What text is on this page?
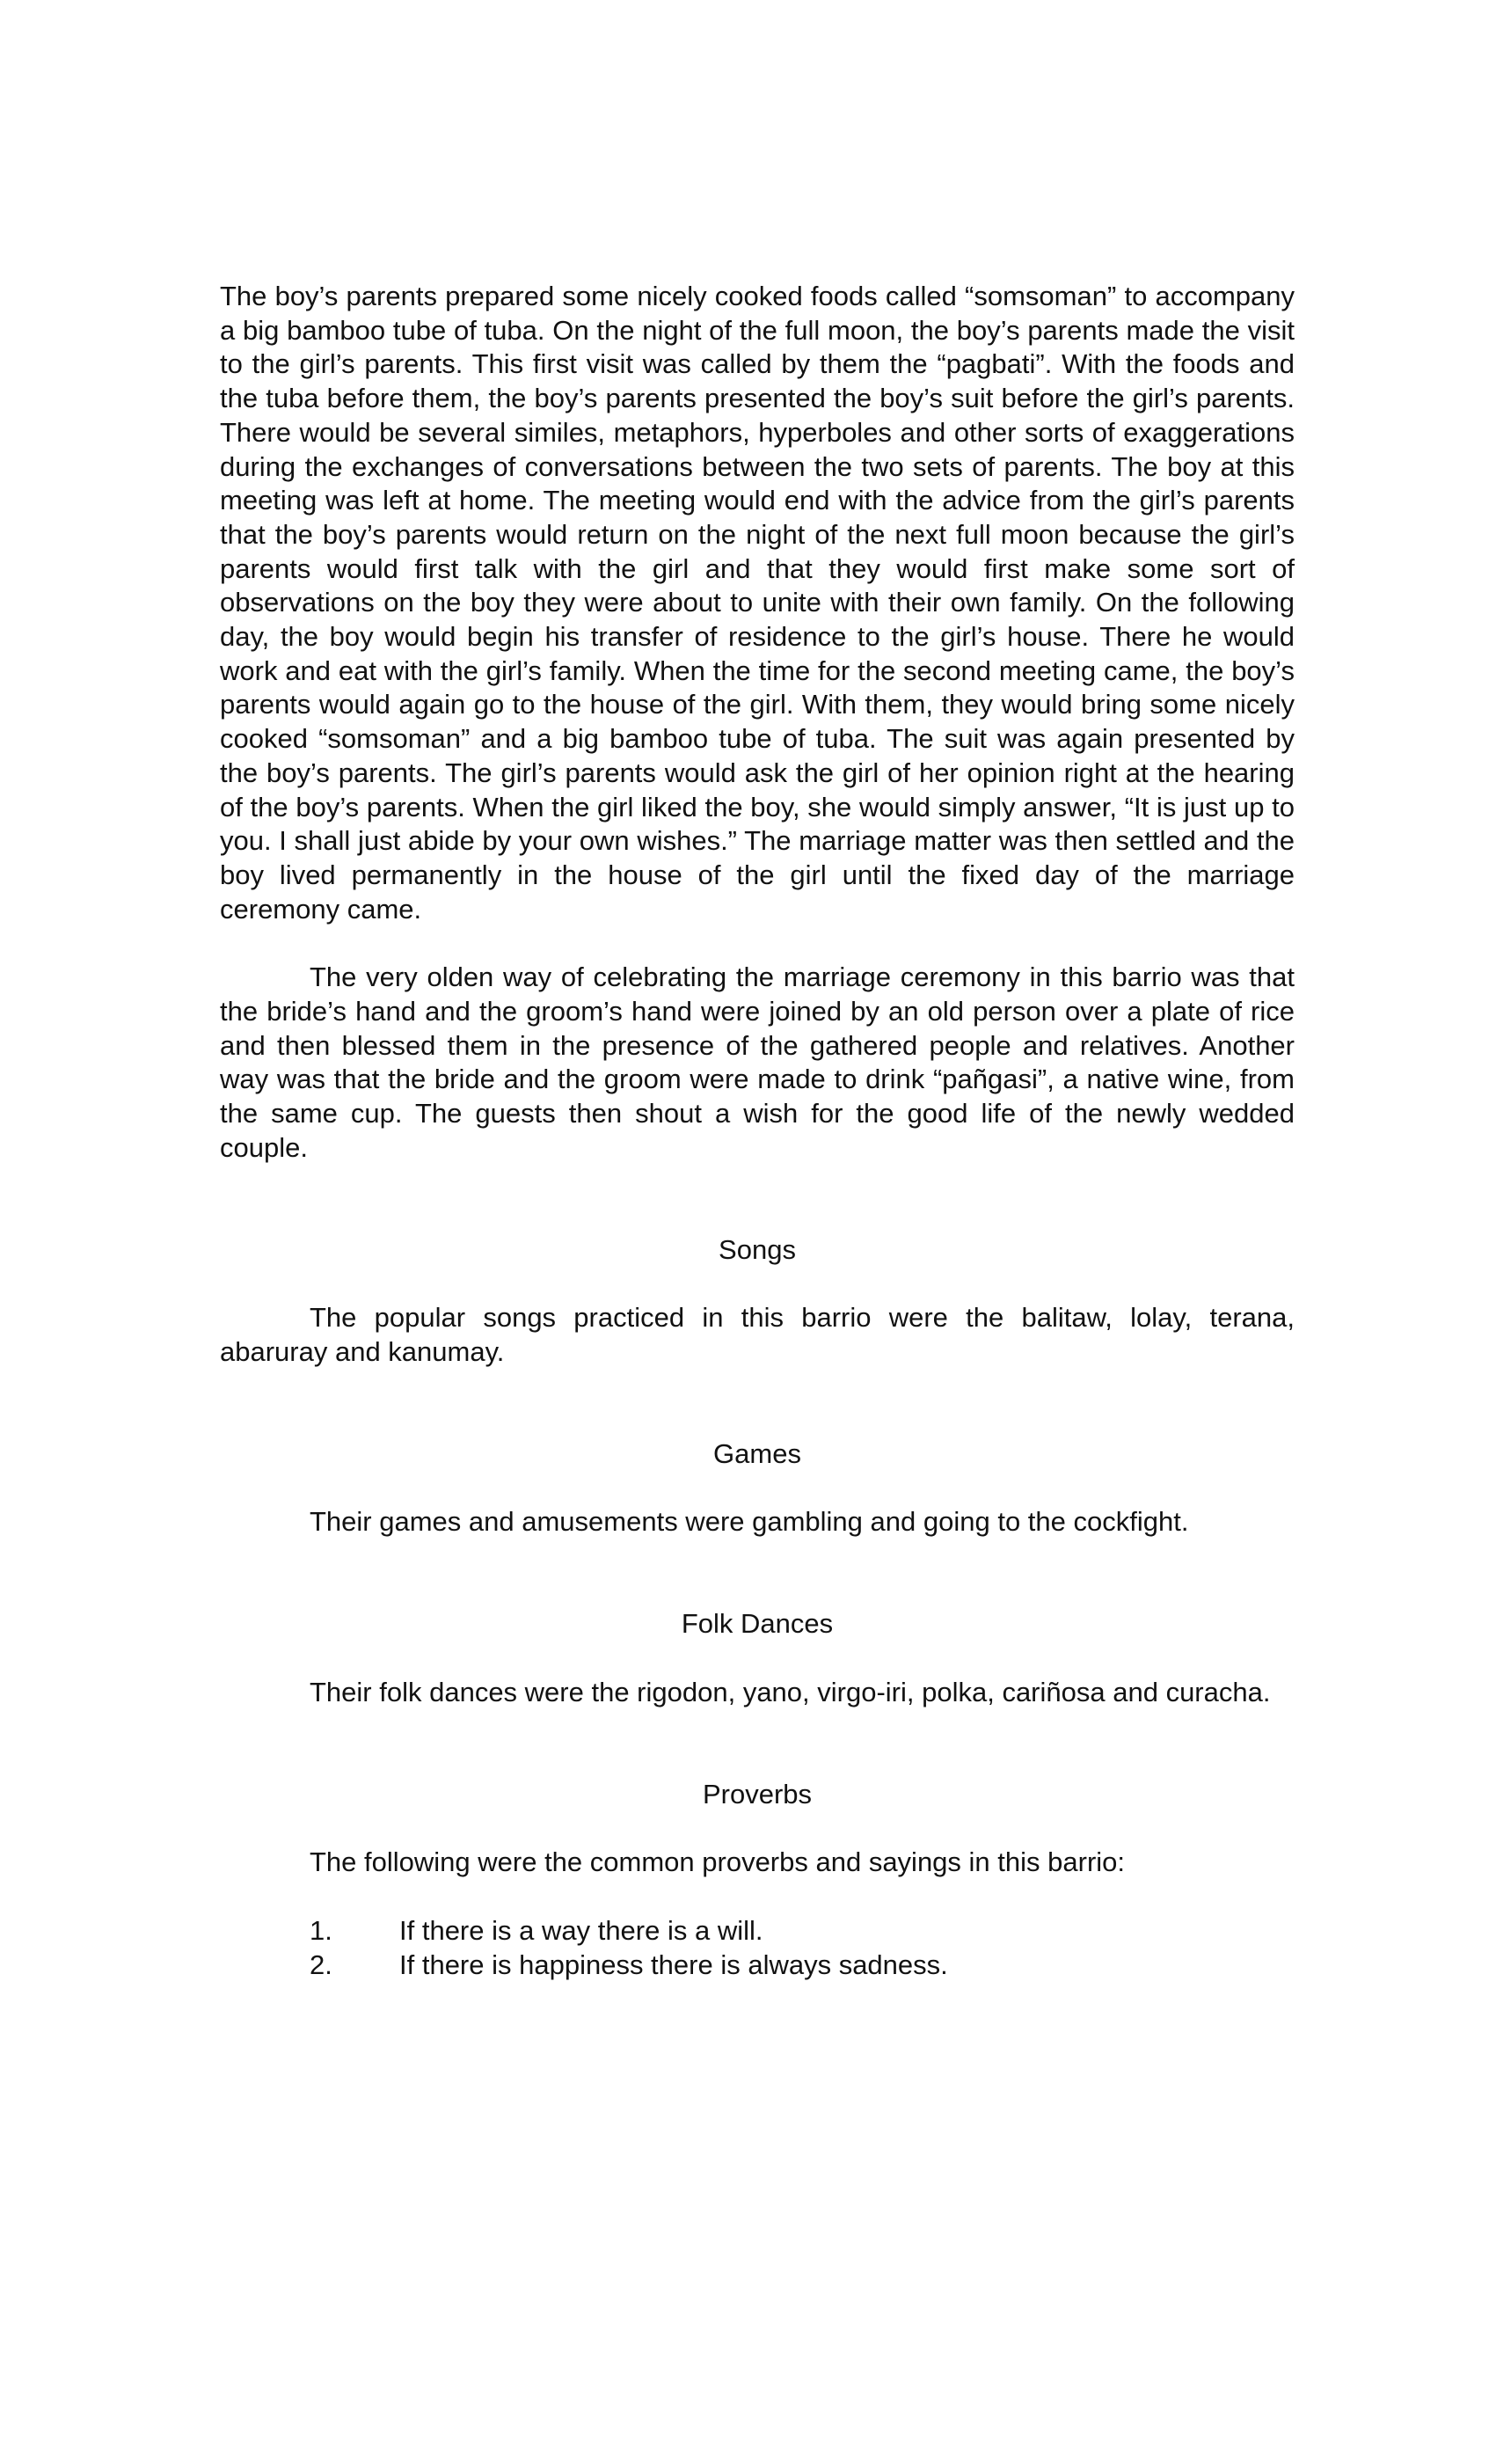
The boy’s parents prepared some nicely cooked foods called “somsoman” to accompany a big bamboo tube of tuba. On the night of the full moon, the boy’s parents made the visit to the girl’s parents. This first visit was called by them the “pagbati”. With the foods and the tuba before them, the boy’s parents presented the boy’s suit before the girl’s parents. There would be several similes, metaphors, hyperboles and other sorts of exaggerations during the exchanges of conversations between the two sets of parents. The boy at this meeting was left at home. The meeting would end with the advice from the girl’s parents that the boy’s parents would return on the night of the next full moon because the girl’s parents would first talk with the girl and that they would first make some sort of observations on the boy they were about to unite with their own family. On the following day, the boy would begin his transfer of residence to the girl’s house. There he would work and eat with the girl’s family. When the time for the second meeting came, the boy’s parents would again go to the house of the girl. With them, they would bring some nicely cooked “somsoman” and a big bamboo tube of tuba. The suit was again presented by the boy’s parents. The girl’s parents would ask the girl of her opinion right at the hearing of the boy’s parents. When the girl liked the boy, she would simply answer, “It is just up to you. I shall just abide by your own wishes.” The marriage matter was then settled and the boy lived permanently in the house of the girl until the fixed day of the marriage ceremony came.

The very olden way of celebrating the marriage ceremony in this barrio was that the bride’s hand and the groom’s hand were joined by an old person over a plate of rice and then blessed them in the presence of the gathered people and relatives. Another way was that the bride and the groom were made to drink “pañgasi”, a native wine, from the same cup. The guests then shout a wish for the good life of the newly wedded couple.

Songs

The popular songs practiced in this barrio were the balitaw, lolay, terana, abaruray and kanumay.

Games

Their games and amusements were gambling and going to the cockfight.

Folk Dances

Their folk dances were the rigodon, yano, virgo-iri, polka, cariñosa and curacha.

Proverbs

The following were the common proverbs and sayings in this barrio:

1.	If there is a way there is a will.
2.	If there is happiness there is always sadness.
